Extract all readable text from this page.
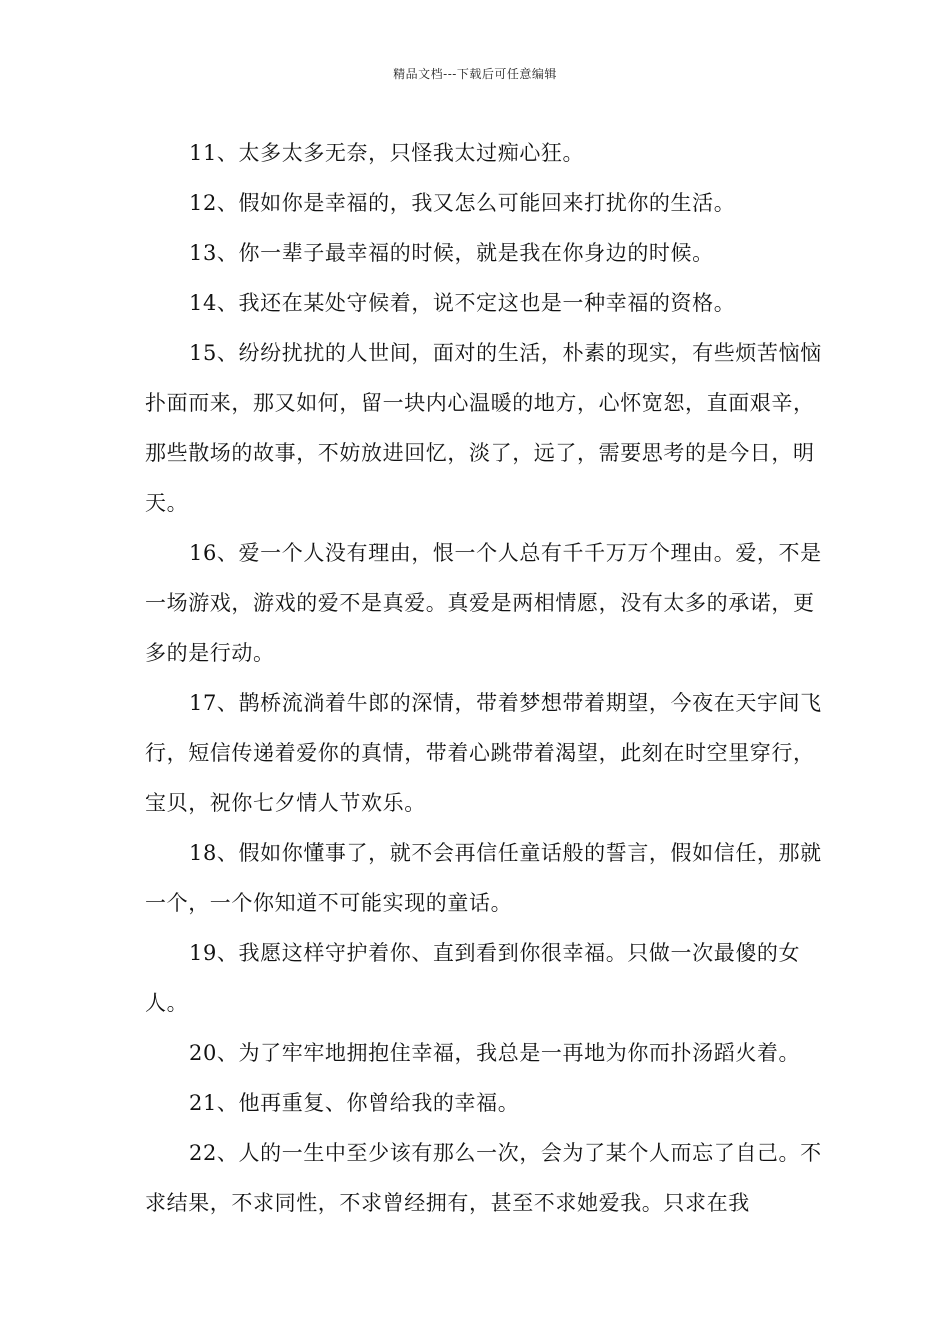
精品文档---下载后可任意编辑

11、太多太多无奈，只怪我太过痴心狂。

12、假如你是幸福的，我又怎么可能回来打扰你的生活。

13、你一辈子最幸福的时候，就是我在你身边的时候。

14、我还在某处守候着，说不定这也是一种幸福的资格。

15、纷纷扰扰的人世间，面对的生活，朴素的现实，有些烦苦恼恼扑面而来，那又如何，留一块内心温暖的地方，心怀宽恕，直面艰辛，那些散场的故事，不妨放进回忆，淡了，远了，需要思考的是今日，明天。

16、爱一个人没有理由，恨一个人总有千千万万个理由。爱，不是一场游戏，游戏的爱不是真爱。真爱是两相情愿，没有太多的承诺，更多的是行动。

17、鹊桥流淌着牛郎的深情，带着梦想带着期望，今夜在天宇间飞行，短信传递着爱你的真情，带着心跳带着渴望，此刻在时空里穿行，宝贝，祝你七夕情人节欢乐。

18、假如你懂事了，就不会再信任童话般的誓言，假如信任，那就一个，一个你知道不可能实现的童话。

19、我愿这样守护着你、直到看到你很幸福。只做一次最傻的女人。

20、为了牢牢地拥抱住幸福，我总是一再地为你而扑汤蹈火着。

21、他再重复、你曾给我的幸福。

22、人的一生中至少该有那么一次，会为了某个人而忘了自己。不求结果，不求同性，不求曾经拥有，甚至不求她爱我。只求在我
